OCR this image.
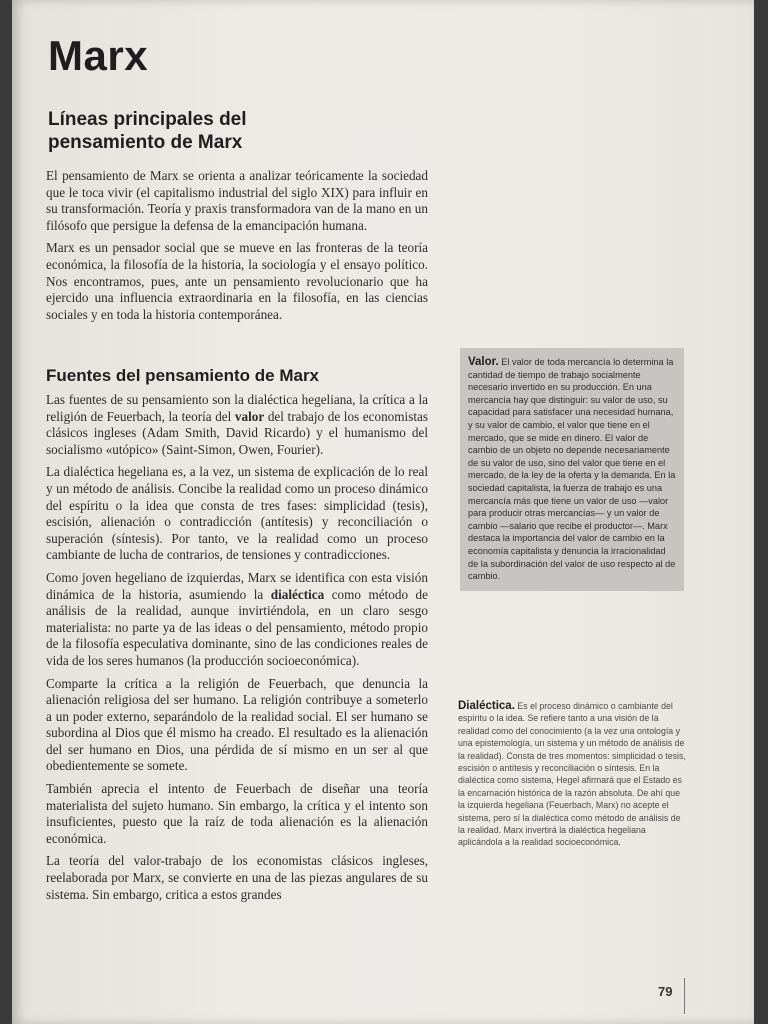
Marx
Líneas principales del pensamiento de Marx

El pensamiento de Marx se orienta a analizar teóricamente la sociedad que le toca vivir (el capitalismo industrial del siglo XIX) para influir en su transformación. Teoría y praxis transformadora van de la mano en un filósofo que persigue la defensa de la emancipación humana.

Marx es un pensador social que se mueve en las fronteras de la teoría económica, la filosofía de la historia, la sociología y el ensayo político. Nos encontramos, pues, ante un pensamiento revolucionario que ha ejercido una influencia extraordinaria en la filosofía, en las ciencias sociales y en toda la historia contemporánea.

Fuentes del pensamiento de Marx

Las fuentes de su pensamiento son la dialéctica hegeliana, la crítica a la religión de Feuerbach, la teoría del valor del trabajo de los economistas clásicos ingleses (Adam Smith, David Ricardo) y el humanismo del socialismo «utópico» (Saint-Simon, Owen, Fourier).

La dialéctica hegeliana es, a la vez, un sistema de explicación de lo real y un método de análisis. Concibe la realidad como un proceso dinámico del espíritu o la idea que consta de tres fases: simplicidad (tesis), escisión, alienación o contradicción (antítesis) y reconciliación o superación (síntesis). Por tanto, ve la realidad como un proceso cambiante de lucha de contrarios, de tensiones y contradicciones.

Como joven hegeliano de izquierdas, Marx se identifica con esta visión dinámica de la historia, asumiendo la dialéctica como método de análisis de la realidad, aunque invirtiéndola, en un claro sesgo materialista: no parte ya de las ideas o del pensamiento, método propio de la filosofía especulativa dominante, sino de las condiciones reales de vida de los seres humanos (la producción socioeconómica).

Comparte la crítica a la religión de Feuerbach, que denuncia la alienación religiosa del ser humano. La religión contribuye a someterlo a un poder externo, separándolo de la realidad social. El ser humano se subordina al Dios que él mismo ha creado. El resultado es la alienación del ser humano en Dios, una pérdida de sí mismo en un ser al que obedientemente se somete.

También aprecia el intento de Feuerbach de diseñar una teoría materialista del sujeto humano. Sin embargo, la crítica y el intento son insuficientes, puesto que la raíz de toda alienación es la alienación económica.

La teoría del valor-trabajo de los economistas clásicos ingleses, reelaborada por Marx, se convierte en una de las piezas angulares de su sistema. Sin embargo, critica a estos grandes

Valor. El valor de toda mercancía lo determina la cantidad de tiempo de trabajo socialmente necesario invertido en su producción. En una mercancía hay que distinguir: su valor de uso, su capacidad para satisfacer una necesidad humana, y su valor de cambio, el valor que tiene en el mercado, que se mide en dinero. El valor de cambio de un objeto no depende necesariamente de su valor de uso, sino del valor que tiene en el mercado, de la ley de la oferta y la demanda. En la sociedad capitalista, la fuerza de trabajo es una mercancía más que tiene un valor de uso —valor para producir otras mercancías— y un valor de cambio —salario que recibe el productor—. Marx destaca la importancia del valor de cambio en la economía capitalista y denuncia la irracionalidad de la subordinación del valor de uso respecto al de cambio.
Dialéctica. Es el proceso dinámico o cambiante del espíritu o la idea. Se refiere tanto a una visión de la realidad como del conocimiento (a la vez una ontología y una epistemología, un sistema y un método de análisis de la realidad). Consta de tres momentos: simplicidad o tesis, escisión o antítesis y reconciliación o síntesis. En la dialéctica como sistema, Hegel afirmará que el Estado es la encarnación histórica de la razón absoluta. De ahí que la izquierda hegeliana (Feuerbach, Marx) no acepte el sistema, pero sí la dialéctica como método de análisis de la realidad. Marx invertirá la dialéctica hegeliana aplicándola a la realidad socioeconómica.
79
